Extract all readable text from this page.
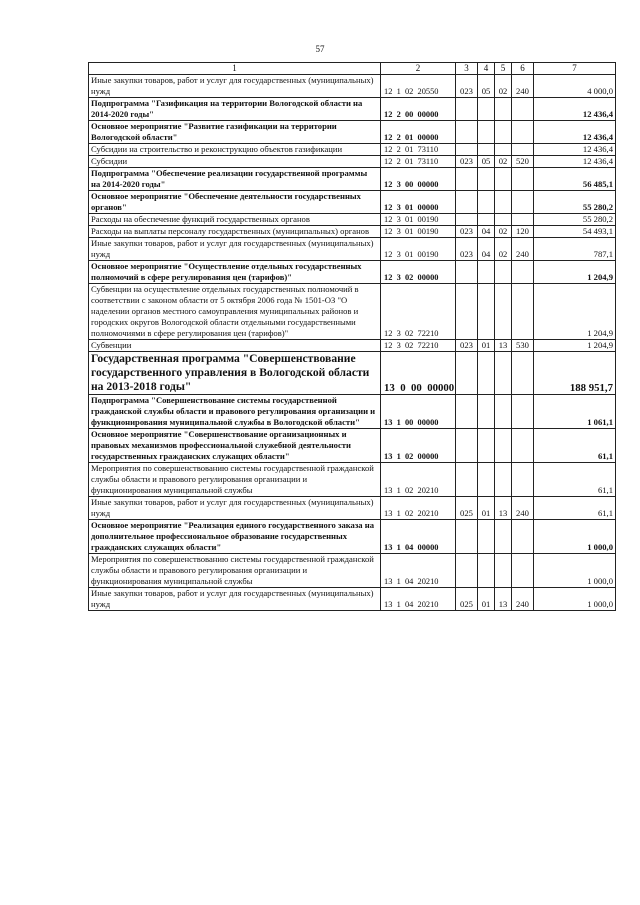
57
1	2	3	4	5	6	7
Иные закупки товаров, работ и услуг для государственных (муниципальных) нужд	12  1  02  20550	023	05	02	240	4 000,0
Подпрограмма "Газификация на территории Вологодской области на 2014-2020 годы"	12  2  00  00000					12 436,4
Основное мероприятие "Развитие газификации на территории Вологодской области"	12  2  01  00000					12 436,4
Субсидии на строительство и реконструкцию объектов газификации	12  2  01  73110					12 436,4
Субсидии	12  2  01  73110	023	05	02	520	12 436,4
Подпрограмма "Обеспечение реализации государственной программы на 2014-2020 годы"	12  3  00  00000					56 485,1
Основное мероприятие "Обеспечение деятельности государственных органов"	12  3  01  00000					55 280,2
Расходы на обеспечение функций государственных органов	12  3  01  00190					55 280,2
Расходы на выплаты персоналу государственных (муниципальных) органов	12  3  01  00190	023	04	02	120	54 493,1
Иные закупки товаров, работ и услуг для государственных (муниципальных) нужд	12  3  01  00190	023	04	02	240	787,1
Основное мероприятие "Осуществление отдельных государственных полномочий в сфере регулирования цен (тарифов)"	12  3  02  00000					1 204,9
Субвенции на осуществление отдельных государственных полномочий в соответствии с законом области от 5 октября 2006 года № 1501-ОЗ "О наделении органов местного самоуправления муниципальных районов и городских округов Вологодской области отдельными государственными полномочиями в сфере регулирования цен (тарифов)"	12  3  02  72210					1 204,9
Субвенции	12  3  02  72210	023	01	13	530	1 204,9
Государственная программа "Совершенствование государственного управления в Вологодской области на 2013-2018 годы"	13  0  00  00000					188 951,7
Подпрограмма "Совершенствование системы государственной гражданской службы области и правового регулирования организации и функционирования муниципальной службы в Вологодской области"	13  1  00  00000					1 061,1
Основное мероприятие "Совершенствование организационных и правовых механизмов профессиональной служебной деятельности государственных гражданских служащих области"	13  1  02  00000					61,1
Мероприятия по совершенствованию системы государственной гражданской службы области и правового регулирования организации и функционирования муниципальной службы	13  1  02  20210					61,1
Иные закупки товаров, работ и услуг для государственных (муниципальных) нужд	13  1  02  20210	025	01	13	240	61,1
Основное мероприятие "Реализация единого государственного заказа на дополнительное профессиональное образование государственных гражданских служащих области"	13  1  04  00000					1 000,0
Мероприятия по совершенствованию системы государственной гражданской службы области и правового регулирования организации и функционирования муниципальной службы	13  1  04  20210					1 000,0
Иные закупки товаров, работ и услуг для государственных (муниципальных) нужд	13  1  04  20210	025	01	13	240	1 000,0
